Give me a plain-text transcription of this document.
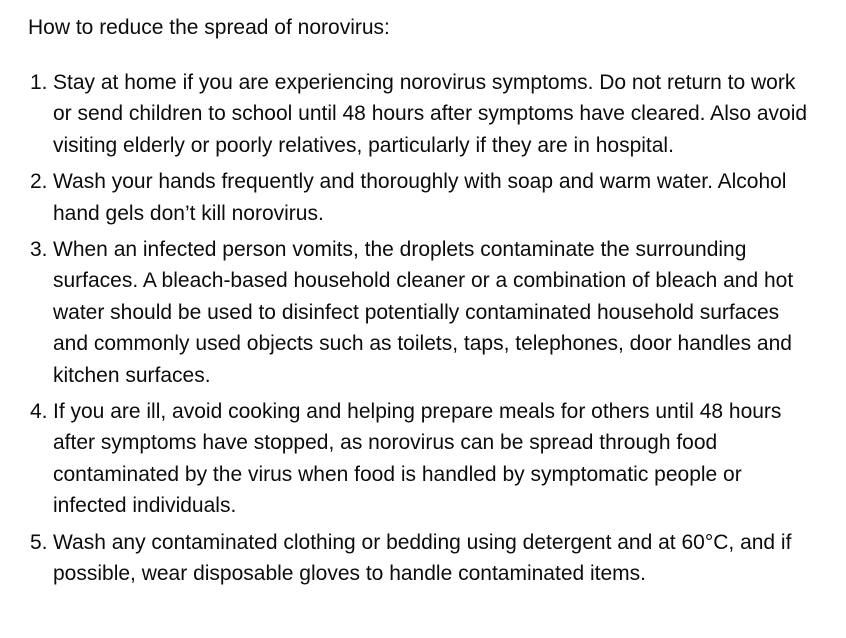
How to reduce the spread of norovirus:

1. Stay at home if you are experiencing norovirus symptoms. Do not return to work or send children to school until 48 hours after symptoms have cleared. Also avoid visiting elderly or poorly relatives, particularly if they are in hospital.
2. Wash your hands frequently and thoroughly with soap and warm water. Alcohol hand gels don’t kill norovirus.
3. When an infected person vomits, the droplets contaminate the surrounding surfaces. A bleach-based household cleaner or a combination of bleach and hot water should be used to disinfect potentially contaminated household surfaces and commonly used objects such as toilets, taps, telephones, door handles and kitchen surfaces.
4. If you are ill, avoid cooking and helping prepare meals for others until 48 hours after symptoms have stopped, as norovirus can be spread through food contaminated by the virus when food is handled by symptomatic people or infected individuals.
5. Wash any contaminated clothing or bedding using detergent and at 60°C, and if possible, wear disposable gloves to handle contaminated items.
